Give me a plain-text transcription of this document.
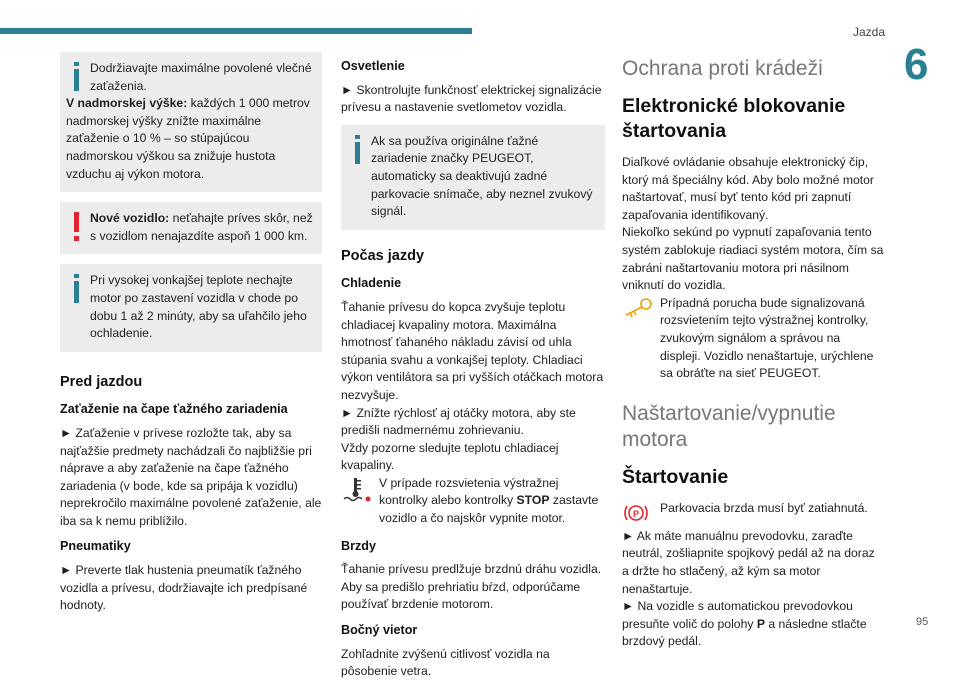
Jazda
6
95

Dodržiavajte maximálne povolené vlečné zaťaženia.

V nadmorskej výške: každých 1 000 metrov nadmorskej výšky znížte maximálne zaťaženie o 10 % – so stúpajúcou nadmorskou výškou sa znižuje hustota vzduchu aj výkon motora.

Nové vozidlo: neťahajte príves skôr, než s vozidlom nenajazdíte aspoň 1 000 km.

Pri vysokej vonkajšej teplote nechajte motor po zastavení vozidla v chode po dobu 1 až 2 minúty, aby sa uľahčilo jeho ochladenie.

Pred jazdou
Zaťaženie na čape ťažného zariadenia

► Zaťaženie v prívese rozložte tak, aby sa najťažšie predmety nachádzali čo najbližšie pri náprave a aby zaťaženie na čape ťažného zariadenia (v bode, kde sa pripája k vozidlu) neprekročilo maximálne povolené zaťaženie, ale iba sa k nemu priblížilo.

Pneumatiky

► Preverte tlak hustenia pneumatík ťažného vozidla a prívesu, dodržiavajte ich predpísané hodnoty.

Osvetlenie

► Skontrolujte funkčnosť elektrickej signalizácie prívesu a nastavenie svetlometov vozidla.

Ak sa používa originálne ťažné zariadenie značky PEUGEOT, automaticky sa deaktivujú zadné parkovacie snímače, aby neznel zvukový signál.

Počas jazdy
Chladenie

Ťahanie prívesu do kopca zvyšuje teplotu chladiacej kvapaliny motora. Maximálna hmotnosť ťahaného nákladu závisí od uhla stúpania svahu a vonkajšej teploty. Chladiaci výkon ventilátora sa pri vyšších otáčkach motora nezvyšuje.

► Znížte rýchlosť aj otáčky motora, aby ste predišli nadmernému zohrievaniu.

Vždy pozorne sledujte teplotu chladiacej kvapaliny.

V prípade rozsvietenia výstražnej kontrolky alebo kontrolky STOP zastavte vozidlo a čo najskôr vypnite motor.

Brzdy

Ťahanie prívesu predlžuje brzdnú dráhu vozidla. Aby sa predišlo prehriatiu bŕzd, odporúčame používať brzdenie motorom.

Bočný vietor

Zohľadnite zvýšenú citlivosť vozidla na pôsobenie vetra.

Ochrana proti krádeži
Elektronické blokovanie štartovania

Diaľkové ovládanie obsahuje elektronický čip, ktorý má špeciálny kód. Aby bolo možné motor naštartovať, musí byť tento kód pri zapnutí zapaľovania identifikovaný.

Niekoľko sekúnd po vypnutí zapaľovania tento systém zablokuje riadiaci systém motora, čím sa zabráni naštartovaniu motora pri násilnom vniknutí do vozidla.

Prípadná porucha bude signalizovaná rozsvietením tejto výstražnej kontrolky, zvukovým signálom a správou na displeji. Vozidlo nenaštartuje, urýchlene sa obráťte na sieť PEUGEOT.

Naštartovanie/vypnutie motora
Štartovanie
P Parkovacia brzda musí byť zatiahnutá.

► Ak máte manuálnu prevodovku, zaraďte neutrál, zošliapnite spojkový pedál až na doraz a držte ho stlačený, až kým sa motor nenaštartuje.

► Na vozidle s automatickou prevodovkou presuňte volič do polohy P a následne stlačte brzdový pedál.
